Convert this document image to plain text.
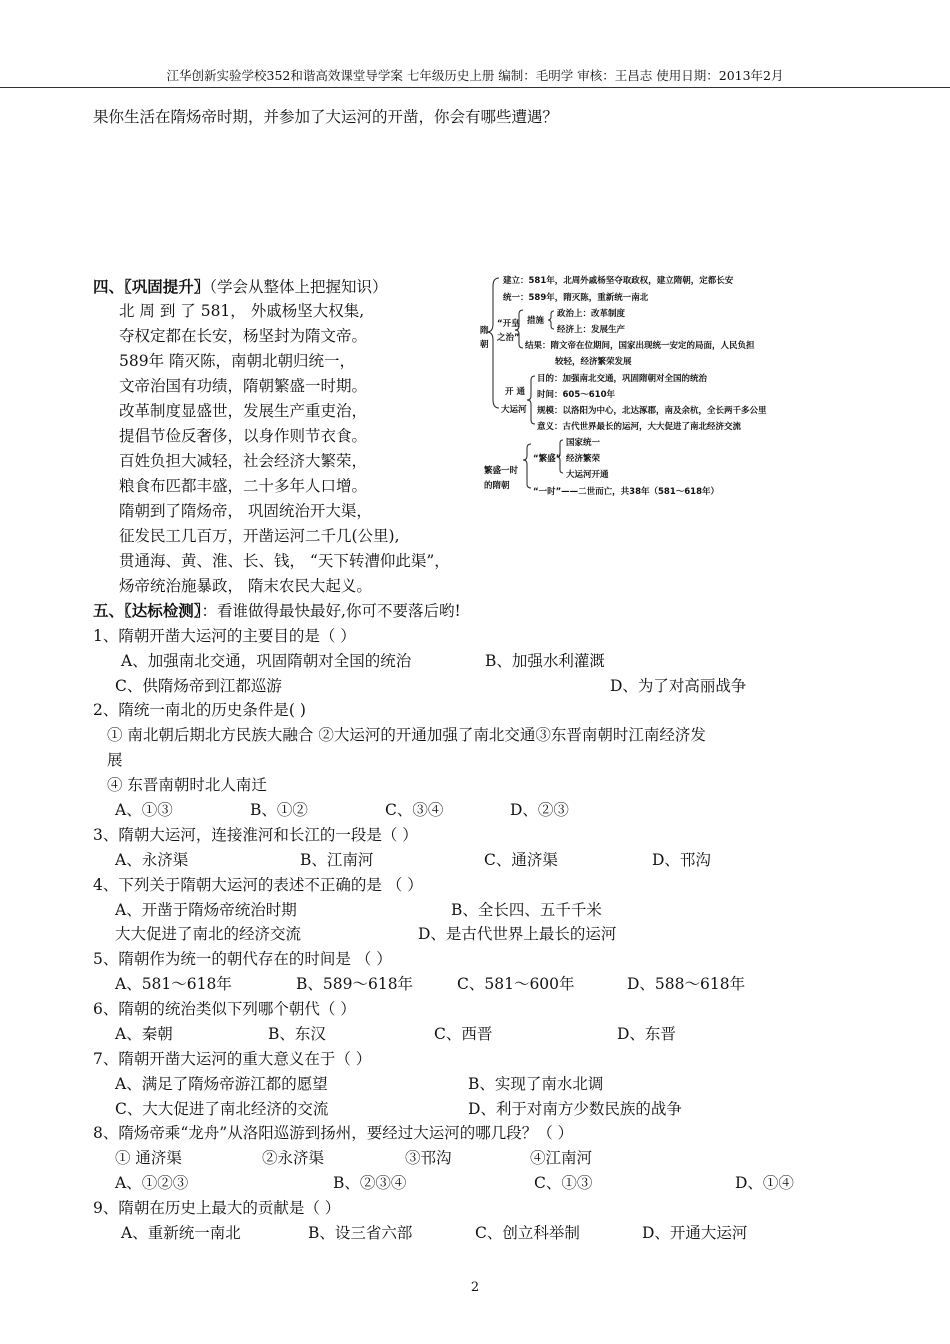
江华创新实验学校352和谐高效课堂导学案 七年级历史上册 编制：毛明学 审核：王昌志 使用日期：2013年2月
果你生活在隋炀帝时期，并参加了大运河的开凿，你会有哪些遭遇？
四、〖巩固提升〗（学会从整体上把握知识）
北 周 到 了 581， 外戚杨坚大权集,
夺权定都在长安，杨坚封为隋文帝。
589年 隋灭陈，南朝北朝归统一，
文帝治国有功绩，隋朝繁盛一时期。
改革制度显盛世，发展生产重吏治，
提倡节俭反奢侈，以身作则节衣食。
百姓负担大减轻，社会经济大繁荣，
粮食布匹都丰盛，二十多年人口增。
隋朝到了隋炀帝， 巩固统治开大渠，
征发民工几百万，开凿运河二千几(公里),
贯通海、黄、淮、长、钱， “天下转漕仰此渠”，
炀帝统治施暴政， 隋末农民大起义。
建立：581年，北周外戚杨坚夺取政权，建立隋朝，定都长安
统一：589年，隋灭陈，重新统一南北
隋朝
“开皇之治”
措施
政治上：改革制度
经济上：发展生产
结果：隋文帝在位期间，国家出现统一安定的局面，人民负担
较轻，经济繁荣发展
开 通
大运河
目的：加强南北交通，巩固隋朝对全国的统治
时间：605～610年
规模：以洛阳为中心，北达涿郡，南及余杭，全长两千多公里
意义：古代世界最长的运河，大大促进了南北经济交流
繁盛一时的隋朝
“繁盛”
国家统一
经济繁荣
大运河开通
“一时”——二世而亡，共38年（581～618年）
五、〖达标检测〗：看谁做得最快最好,你可不要落后哟!
1、隋朝开凿大运河的主要目的是（ ）
A、加强南北交通，巩固隋朝对全国的统治	B、加强水利灌溉
C、供隋炀帝到江都巡游	D、为了对高丽战争
2、隋统一南北的历史条件是( )
① 南北朝后期北方民族大融合 ②大运河的开通加强了南北交通③东晋南朝时江南经济发
展
④ 东晋南朝时北人南迁
A、①③	B、①②	C、③④	D、②③
3、隋朝大运河，连接淮河和长江的一段是（ ）
A、永济渠	B、江南河	C、通济渠	D、邗沟
4、下列关于隋朝大运河的表述不正确的是 （ ）
A、开凿于隋炀帝统治时期	B、全长四、五千千米
大大促进了南北的经济交流	D、是古代世界上最长的运河
5、隋朝作为统一的朝代存在的时间是 （ ）
A、581～618年	B、589～618年	C、581～600年	D、588～618年
6、隋朝的统治类似下列哪个朝代（ ）
A、秦朝	B、东汉	C、西晋	D、东晋
7、隋朝开凿大运河的重大意义在于（ ）
A、满足了隋炀帝游江都的愿望	B、实现了南水北调
C、大大促进了南北经济的交流	D、利于对南方少数民族的战争
8、隋炀帝乘“龙舟”从洛阳巡游到扬州，要经过大运河的哪几段？（ ）
① 通济渠	②永济渠	③邗沟	④江南河
A、①②③	B、②③④	C、①③	D、①④
9、隋朝在历史上最大的贡献是（ ）
A、重新统一南北	B、设三省六部	C、创立科举制	D、开通大运河
2
